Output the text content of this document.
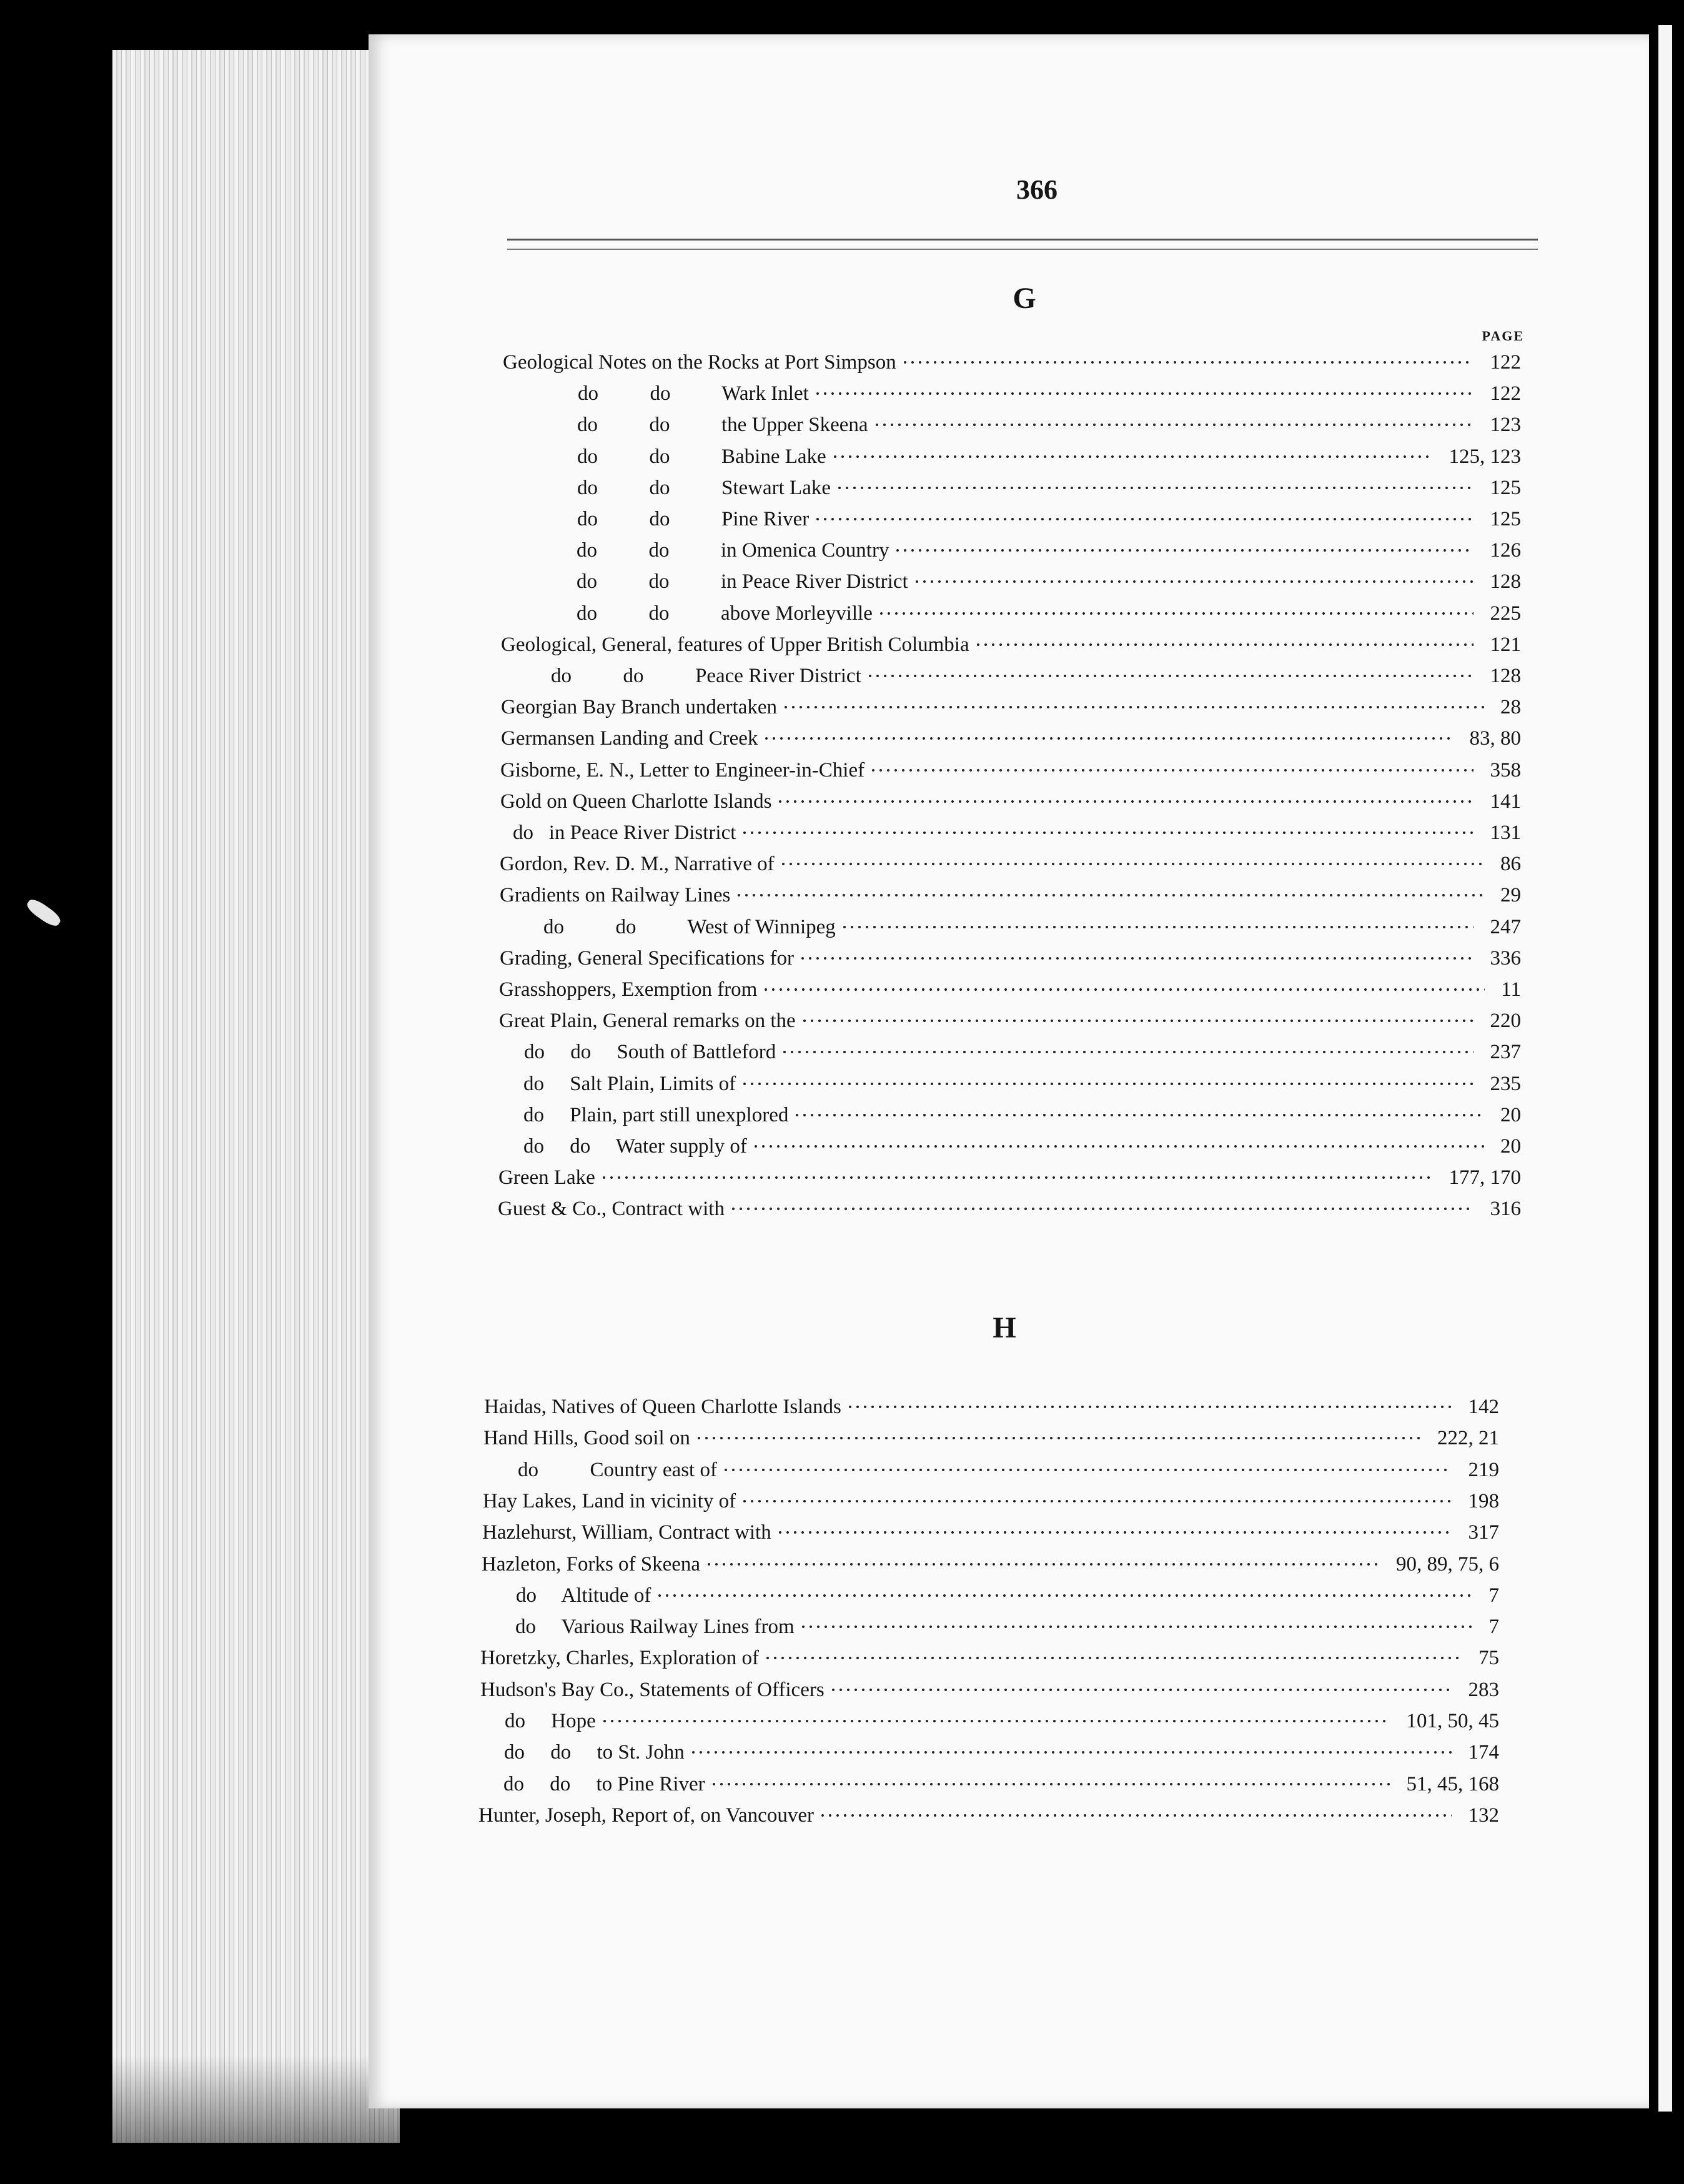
366
G
PAGE
Geological Notes on the Rocks at Port Simpson	122
do          do          Wark Inlet	122
do          do          the Upper Skeena	123
do          do          Babine Lake	125, 123
do          do          Stewart Lake	125
do          do          Pine River	125
do          do          in Omenica Country	126
do          do          in Peace River District	128
do          do          above Morleyville	225
Geological, General, features of Upper British Columbia	121
do          do          Peace River District	128
Georgian Bay Branch undertaken	28
Germansen Landing and Creek	83, 80
Gisborne, E. N., Letter to Engineer-in-Chief	358
Gold on Queen Charlotte Islands	141
do   in Peace River District	131
Gordon, Rev. D. M., Narrative of	86
Gradients on Railway Lines	29
do          do          West of Winnipeg	247
Grading, General Specifications for	336
Grasshoppers, Exemption from	11
Great Plain, General remarks on the	220
do     do     South of Battleford	237
do     Salt Plain, Limits of	235
do     Plain, part still unexplored	20
do     do     Water supply of	20
Green Lake	177, 170
Guest & Co., Contract with	316
H
Haidas, Natives of Queen Charlotte Islands	142
Hand Hills, Good soil on	222, 21
do          Country east of	219
Hay Lakes, Land in vicinity of	198
Hazlehurst, William, Contract with	317
Hazleton, Forks of Skeena	90, 89, 75, 6
do     Altitude of	7
do     Various Railway Lines from	7
Horetzky, Charles, Exploration of	75
Hudson's Bay Co., Statements of Officers	283
do     Hope	101, 50, 45
do     do     to St. John	174
do     do     to Pine River	51, 45, 168
Hunter, Joseph, Report of, on Vancouver	132
